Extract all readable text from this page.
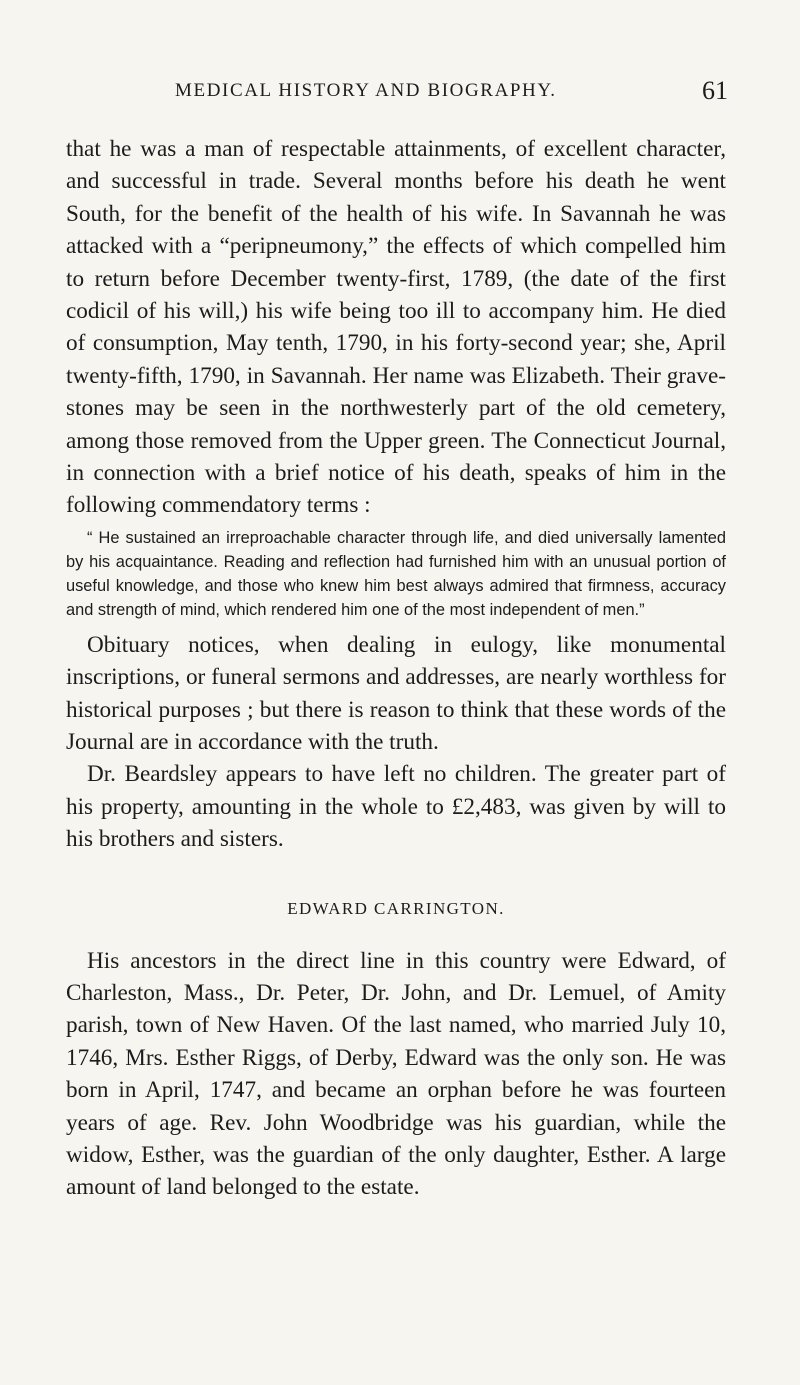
MEDICAL HISTORY AND BIOGRAPHY.	61

that he was a man of respectable attainments, of excellent character, and successful in trade. Several months before his death he went South, for the benefit of the health of his wife. In Savannah he was attacked with a “peripneumony,” the effects of which compelled him to return before December twenty-first, 1789, (the date of the first codicil of his will,) his wife being too ill to accompany him. He died of consumption, May tenth, 1790, in his forty-second year; she, April twenty-fifth, 1790, in Savannah. Her name was Elizabeth. Their grave-stones may be seen in the northwesterly part of the old cemetery, among those removed from the Upper green. The Connecticut Journal, in connection with a brief notice of his death, speaks of him in the following commendatory terms :

“ He sustained an irreproachable character through life, and died universally lamented by his acquaintance. Reading and reflection had furnished him with an unusual portion of useful knowledge, and those who knew him best always admired that firmness, accuracy and strength of mind, which rendered him one of the most independent of men.”

Obituary notices, when dealing in eulogy, like monumental inscriptions, or funeral sermons and addresses, are nearly worthless for historical purposes ; but there is reason to think that these words of the Journal are in accordance with the truth.

Dr. Beardsley appears to have left no children. The greater part of his property, amounting in the whole to £2,483, was given by will to his brothers and sisters.

EDWARD CARRINGTON.

His ancestors in the direct line in this country were Edward, of Charleston, Mass., Dr. Peter, Dr. John, and Dr. Lemuel, of Amity parish, town of New Haven. Of the last named, who married July 10, 1746, Mrs. Esther Riggs, of Derby, Edward was the only son. He was born in April, 1747, and became an orphan before he was fourteen years of age. Rev. John Woodbridge was his guardian, while the widow, Esther, was the guardian of the only daughter, Esther. A large amount of land belonged to the estate.
